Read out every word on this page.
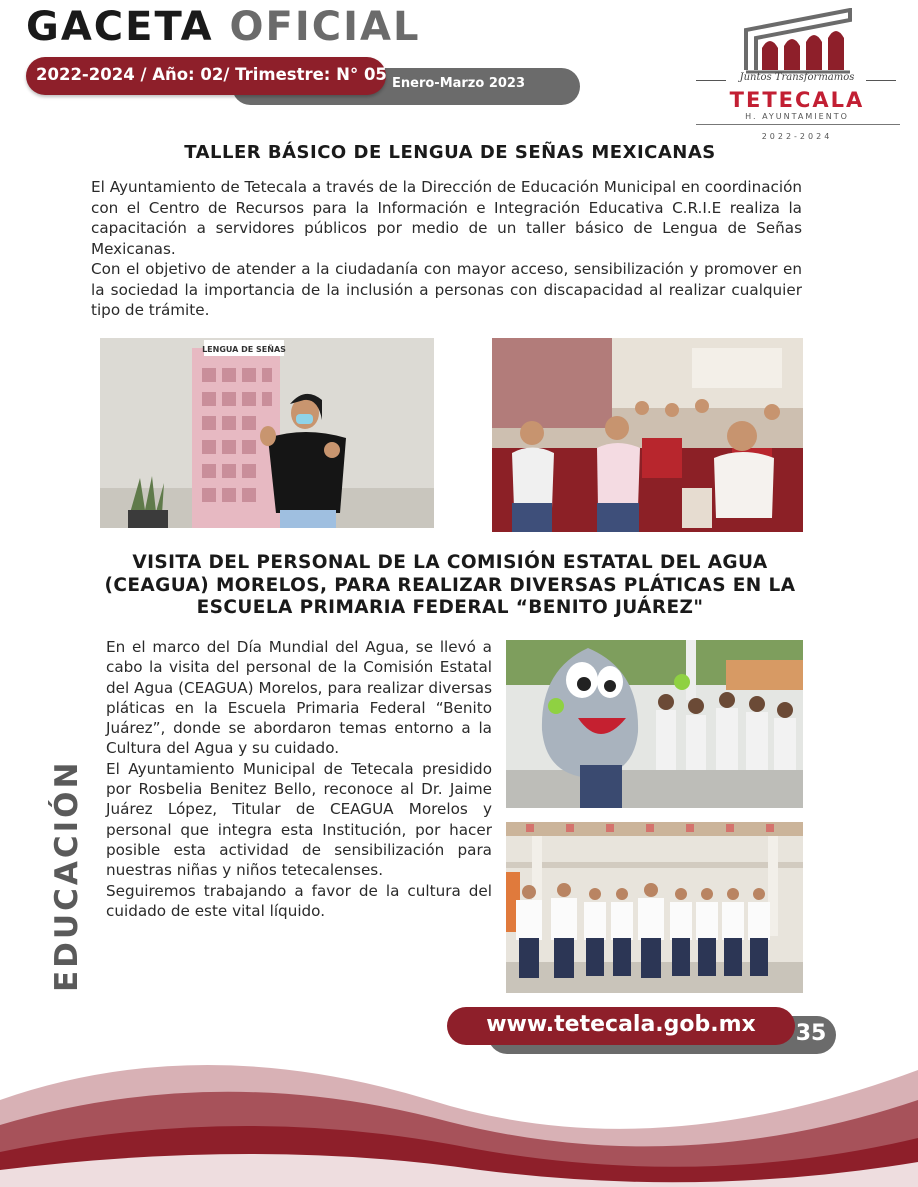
GACETA OFICIAL
Enero-Marzo 2023
2022-2024 / Año: 02/ Trimestre: N° 05	Juntos Transformamos
TETECALA
H. AYUNTAMIENTO
2022-2024
TALLER BÁSICO DE LENGUA DE SEÑAS MEXICANAS

El Ayuntamiento de Tetecala a través de la Dirección de Educación Municipal en coordinación con el Centro de Recursos para la Información e Integración Educativa C.R.I.E realiza la capacitación a servidores públicos por medio de un taller básico de Lengua de Señas Mexicanas.

Con el objetivo de atender a la ciudadanía con mayor acceso, sensibilización y promover en la sociedad la importancia de la inclusión a personas con discapacidad al realizar cualquier tipo de trámite.

LENGUA DE SEÑAS
VISITA DEL PERSONAL DE LA COMISIÓN ESTATAL DEL AGUA (CEAGUA) MORELOS, PARA REALIZAR DIVERSAS PLÁTICAS EN LA ESCUELA PRIMARIA FEDERAL “BENITO JUÁREZ"

En el marco del Día Mundial del Agua, se llevó a cabo la visita del personal de la Comisión Estatal del Agua (CEAGUA) Morelos, para realizar diversas pláticas en la Escuela Primaria Federal “Benito Juárez”, donde se abordaron temas entorno a la Cultura del Agua y su cuidado.

El Ayuntamiento Municipal de Tetecala presidido por Rosbelia Benitez Bello, reconoce al Dr. Jaime Juárez López, Titular de CEAGUA Morelos y personal que integra esta Institución, por hacer posible esta actividad de sensibilización para nuestras niñas y niños tetecalenses.

Seguiremos trabajando a favor de la cultura del cuidado de este vital líquido.

EDUCACIÓN
www.tetecala.gob.mx	35
